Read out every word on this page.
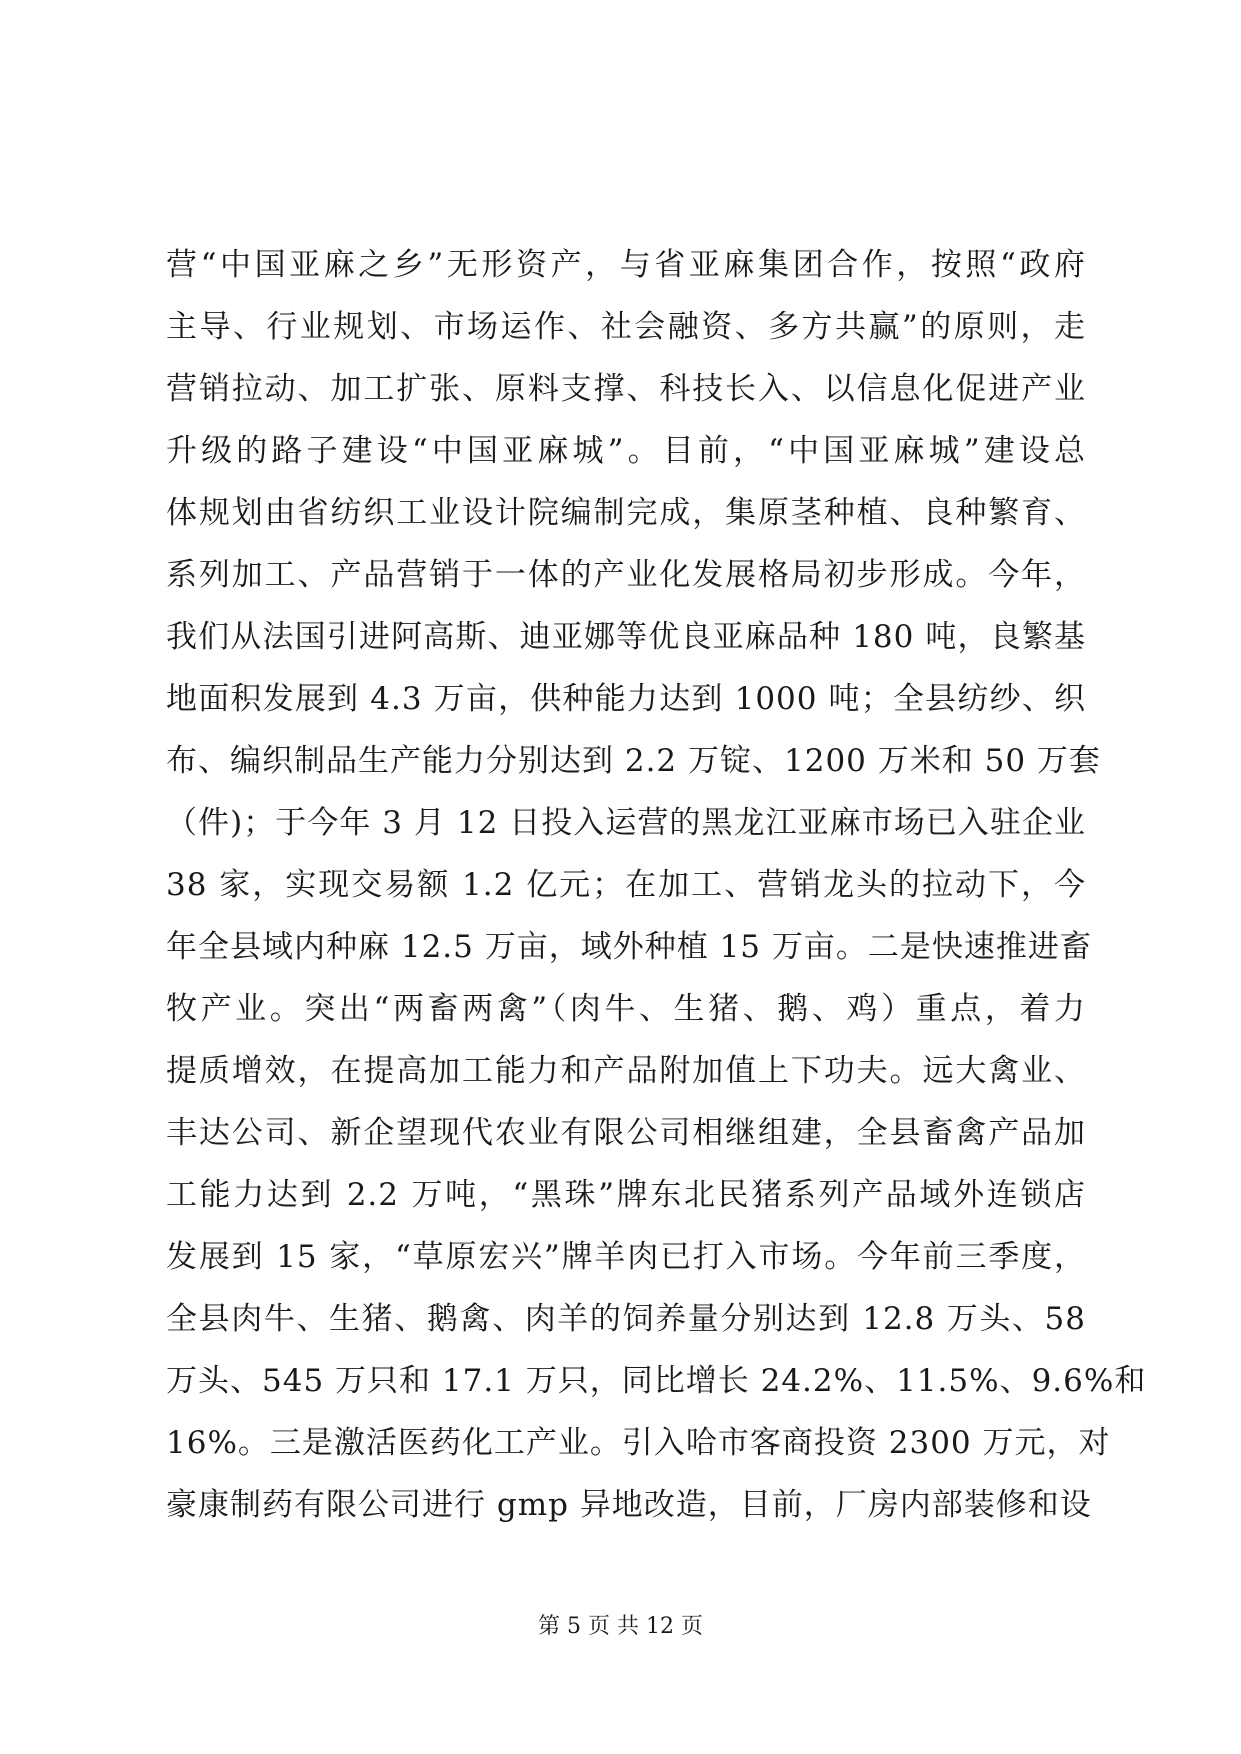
营“中国亚麻之乡”无形资产，与省亚麻集团合作，按照“政府
主导、行业规划、市场运作、社会融资、多方共赢”的原则，走
营销拉动、加工扩张、原料支撑、科技长入、以信息化促进产业
升级的路子建设“中国亚麻城”。目前，“中国亚麻城”建设总
体规划由省纺织工业设计院编制完成，集原茎种植、良种繁育、
系列加工、产品营销于一体的产业化发展格局初步形成。今年，
我们从法国引进阿高斯、迪亚娜等优良亚麻品种 180 吨，良繁基
地面积发展到 4.3 万亩，供种能力达到 1000 吨；全县纺纱、织
布、编织制品生产能力分别达到 2.2 万锭、1200 万米和 50 万套
（件)；于今年 3 月 12 日投入运营的黑龙江亚麻市场已入驻企业
38 家，实现交易额 1.2 亿元；在加工、营销龙头的拉动下，今
年全县域内种麻 12.5 万亩，域外种植 15 万亩。二是快速推进畜
牧产业。突出“两畜两禽”（肉牛、生猪、鹅、鸡）重点，着力
提质增效，在提高加工能力和产品附加值上下功夫。远大禽业、
丰达公司、新企望现代农业有限公司相继组建，全县畜禽产品加
工能力达到 2.2 万吨，“黑珠”牌东北民猪系列产品域外连锁店
发展到 15 家，“草原宏兴”牌羊肉已打入市场。今年前三季度，
全县肉牛、生猪、鹅禽、肉羊的饲养量分别达到 12.8 万头、58
万头、545 万只和 17.1 万只，同比增长 24.2%、11.5%、9.6%和
16%。三是激活医药化工产业。引入哈市客商投资 2300 万元，对
豪康制药有限公司进行 gmp 异地改造，目前，厂房内部装修和设
第 5 页 共 12 页
